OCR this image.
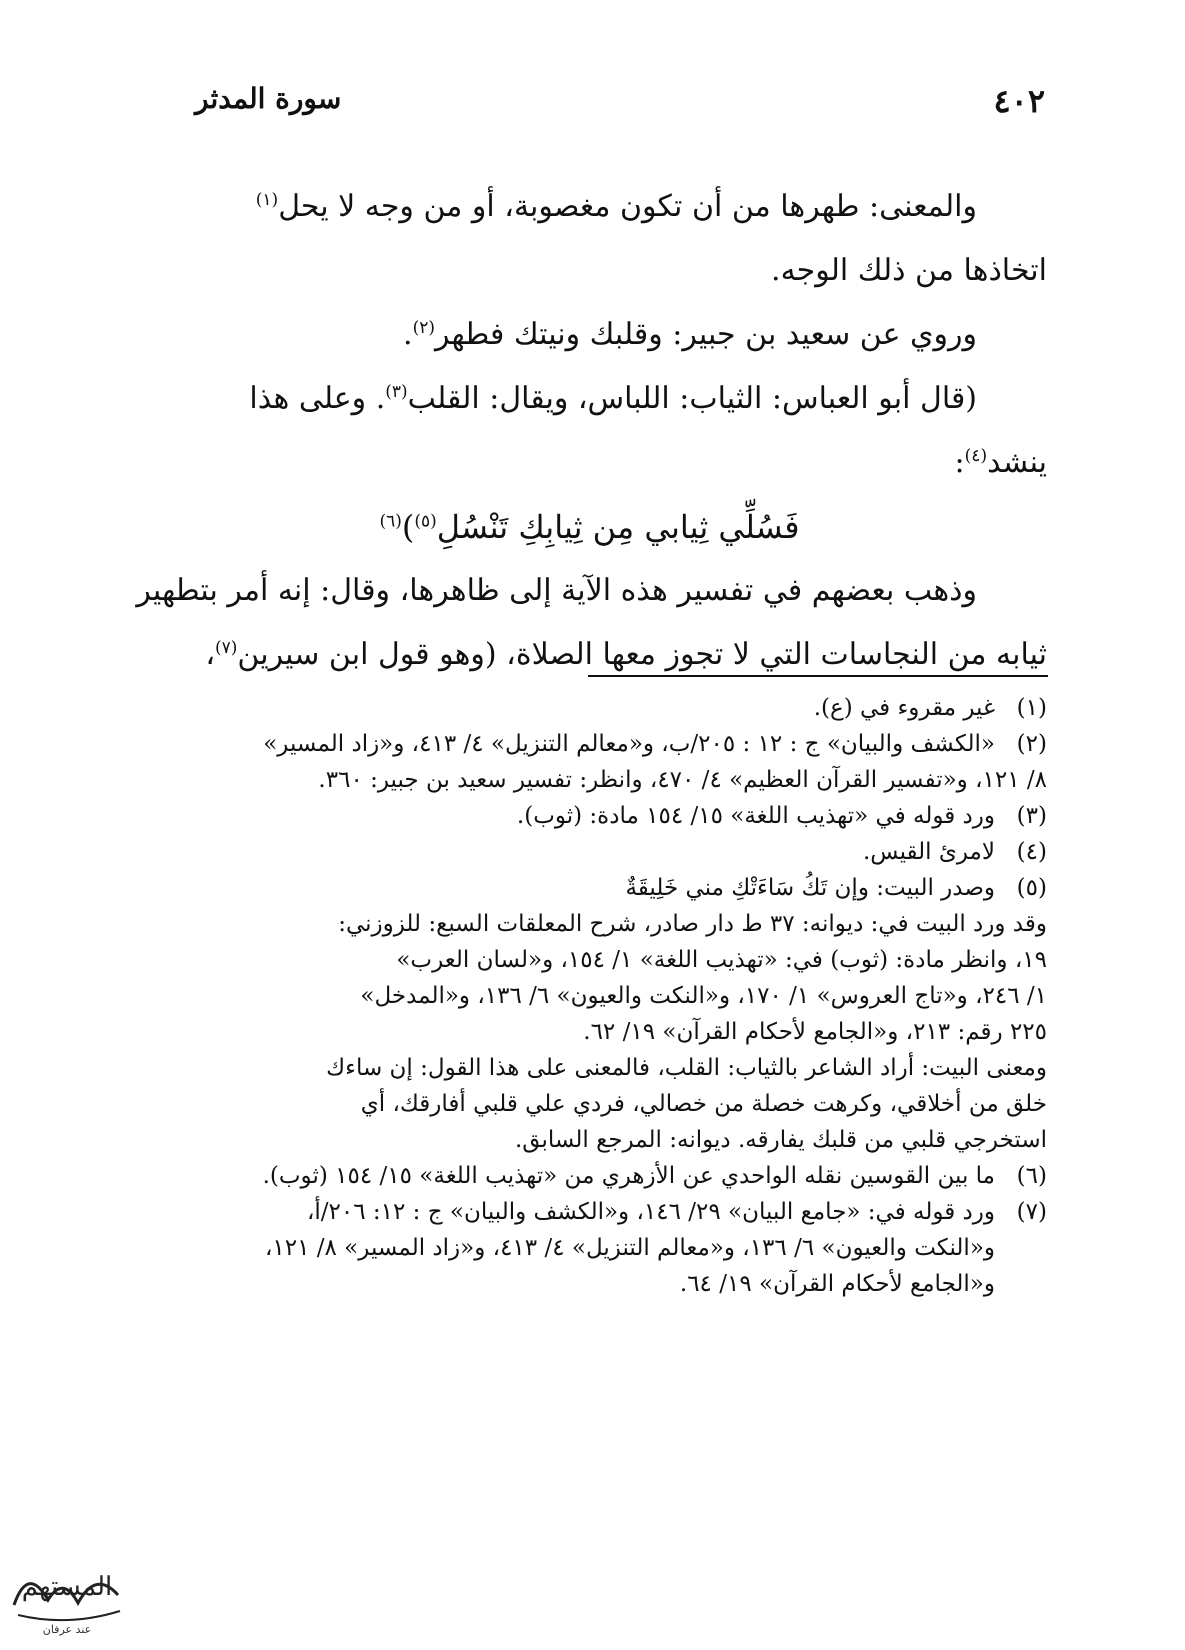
٤٠٢
سورة المدثر
والمعنى: طهرها من أن تكون مغصوبة، أو من وجه لا يحل$^{(١)}$
اتخاذها من ذلك الوجه.
وروي عن سعيد بن جبير: وقلبك ونيتك فطهر$^{(٢)}$.
(قال أبو العباس: الثياب: اللباس، ويقال: القلب$^{(٣)}$. وعلى هذا
ينشد$^{(٤)}$:
فَسُلِّي ثِيابي مِن ثِيابِكِ تَنْسُلِ$^{(٥)}$)$^{(٦)}$
وذهب بعضهم في تفسير هذه الآية إلى ظاهرها، وقال: إنه أمر بتطهير
ثيابه من النجاسات التي لا تجوز معها الصلاة، (وهو قول ابن سيرين$^{(٧)}$،
(١)
غير مقروء في (ع).
(٢)
«الكشف والبيان» ج : ١٢ : ٢٠٥/ب، و«معالم التنزيل» ٤/ ٤١٣، و«زاد المسير»
٨/ ١٢١، و«تفسير القرآن العظيم» ٤/ ٤٧٠، وانظر: تفسير سعيد بن جبير: ٣٦٠.
(٣)
ورد قوله في «تهذيب اللغة» ١٥/ ١٥٤ مادة: (ثوب).
(٤)
لامرئ القيس.
(٥)
وصدر البيت: وإن تَكُ سَاءَتْكِ مني خَلِيقَةٌ
وقد ورد البيت في: ديوانه: ٣٧ ط دار صادر، شرح المعلقات السبع: للزوزني:
١٩، وانظر مادة: (ثوب) في: «تهذيب اللغة» ١/ ١٥٤، و«لسان العرب»
١/ ٢٤٦، و«تاج العروس» ١/ ١٧٠، و«النكت والعيون» ٦/ ١٣٦، و«المدخل»
٢٢٥ رقم: ٢١٣، و«الجامع لأحكام القرآن» ١٩/ ٦٢.
ومعنى البيت: أراد الشاعر بالثياب: القلب، فالمعنى على هذا القول: إن ساءك
خلق من أخلاقي، وكرهت خصلة من خصالي، فردي علي قلبي أفارقك، أي
استخرجي قلبي من قلبك يفارقه. ديوانه: المرجع السابق.
(٦)
ما بين القوسين نقله الواحدي عن الأزهري من «تهذيب اللغة» ١٥/ ١٥٤ (ثوب).
(٧)
ورد قوله في: «جامع البيان» ٢٩/ ١٤٦، و«الكشف والبيان» ج : ١٢: ٢٠٦/أ،
و«النكت والعيون» ٦/ ١٣٦، و«معالم التنزيل» ٤/ ٤١٣، و«زاد المسير» ٨/ ١٢١،
و«الجامع لأحكام القرآن» ١٩/ ٦٤.
المستهم
عند عرفان
